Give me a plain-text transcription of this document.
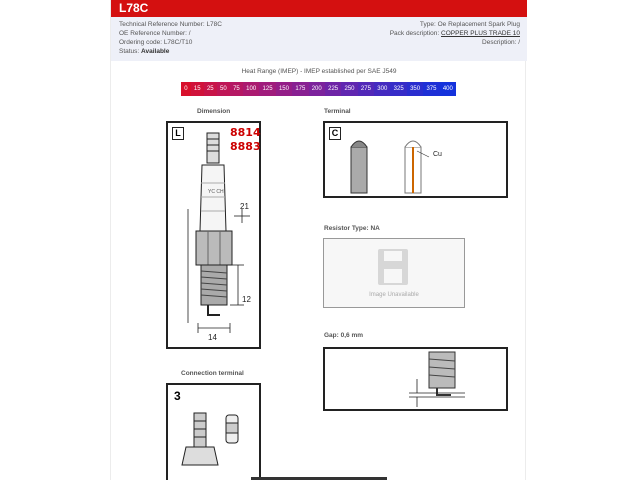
L78C
Technical Reference Number: L78C
OE Reference Number: /
Ordering code: L78C/T10
Status: Available
Type: Oe Replacement Spark Plug
Pack description: COPPER PLUS TRADE 10
Description: /
Heat Range (IMEP) - IMEP established per SAE J549
0	15	25	50	75	100	125	150	175	200	225	250	275	300	325	350	375	400
Dimension
L	8814
8883
YC CH
21
12
14
Terminal
C
Cu
Resistor Type: NA
Image Unavailable
Gap: 0,6 mm
Connection terminal
3
